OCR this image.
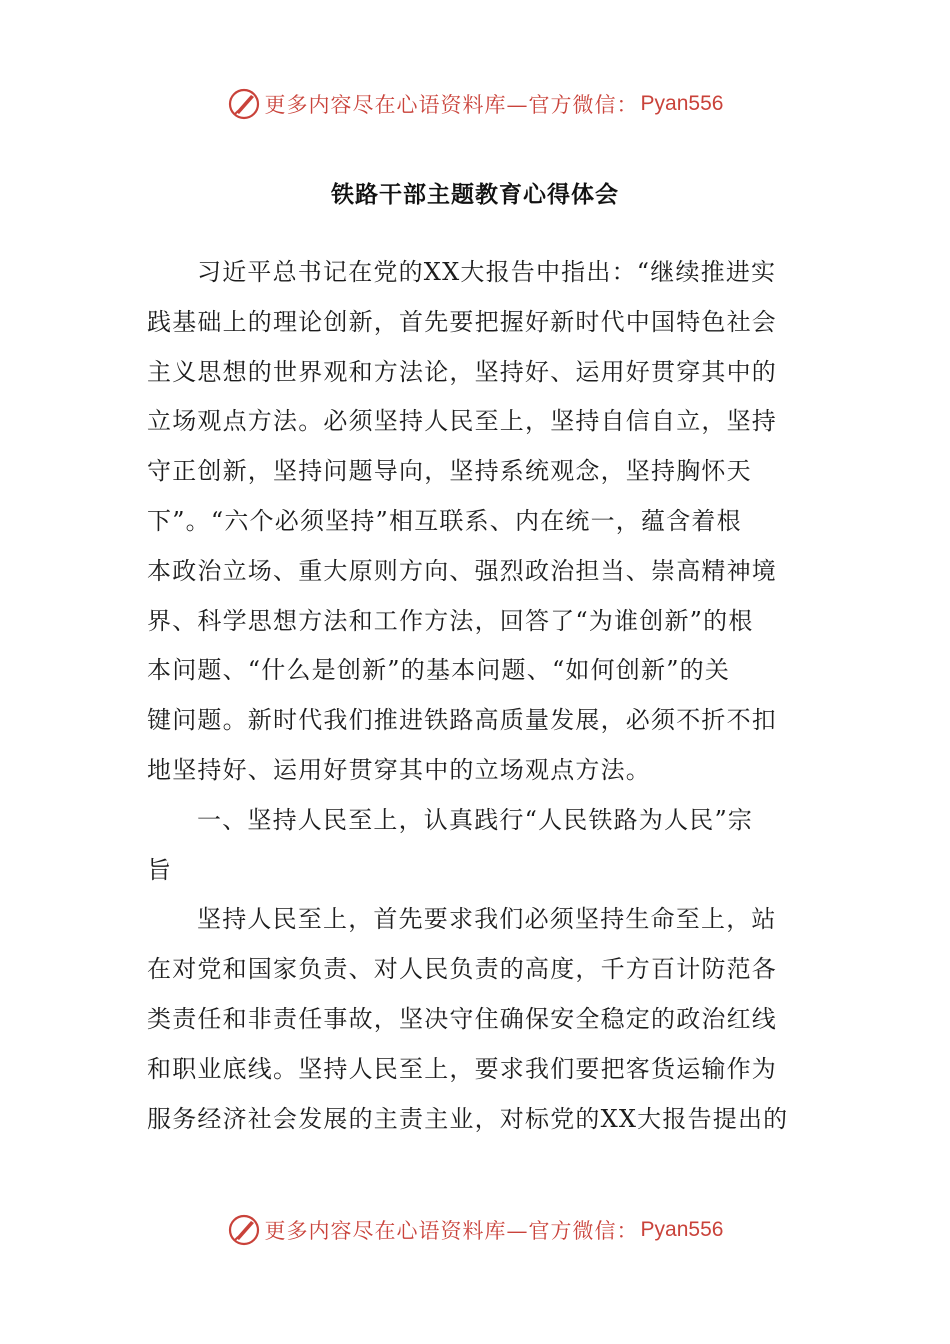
更多内容尽在心语资料库—官方微信： Pyan556
铁路干部主题教育心得体会
习近平总书记在党的XX大报告中指出：“继续推进实
践基础上的理论创新，首先要把握好新时代中国特色社会
主义思想的世界观和方法论，坚持好、运用好贯穿其中的
立场观点方法。必须坚持人民至上，坚持自信自立，坚持
守正创新，坚持问题导向，坚持系统观念，坚持胸怀天
下”。“六个必须坚持”相互联系、内在统一，蕴含着根
本政治立场、重大原则方向、强烈政治担当、崇高精神境
界、科学思想方法和工作方法，回答了“为谁创新”的根
本问题、“什么是创新”的基本问题、“如何创新”的关
键问题。新时代我们推进铁路高质量发展，必须不折不扣
地坚持好、运用好贯穿其中的立场观点方法。
一、坚持人民至上，认真践行“人民铁路为人民”宗
旨
坚持人民至上，首先要求我们必须坚持生命至上，站
在对党和国家负责、对人民负责的高度，千方百计防范各
类责任和非责任事故，坚决守住确保安全稳定的政治红线
和职业底线。坚持人民至上，要求我们要把客货运输作为
服务经济社会发展的主责主业，对标党的XX大报告提出的
更多内容尽在心语资料库—官方微信： Pyan556
